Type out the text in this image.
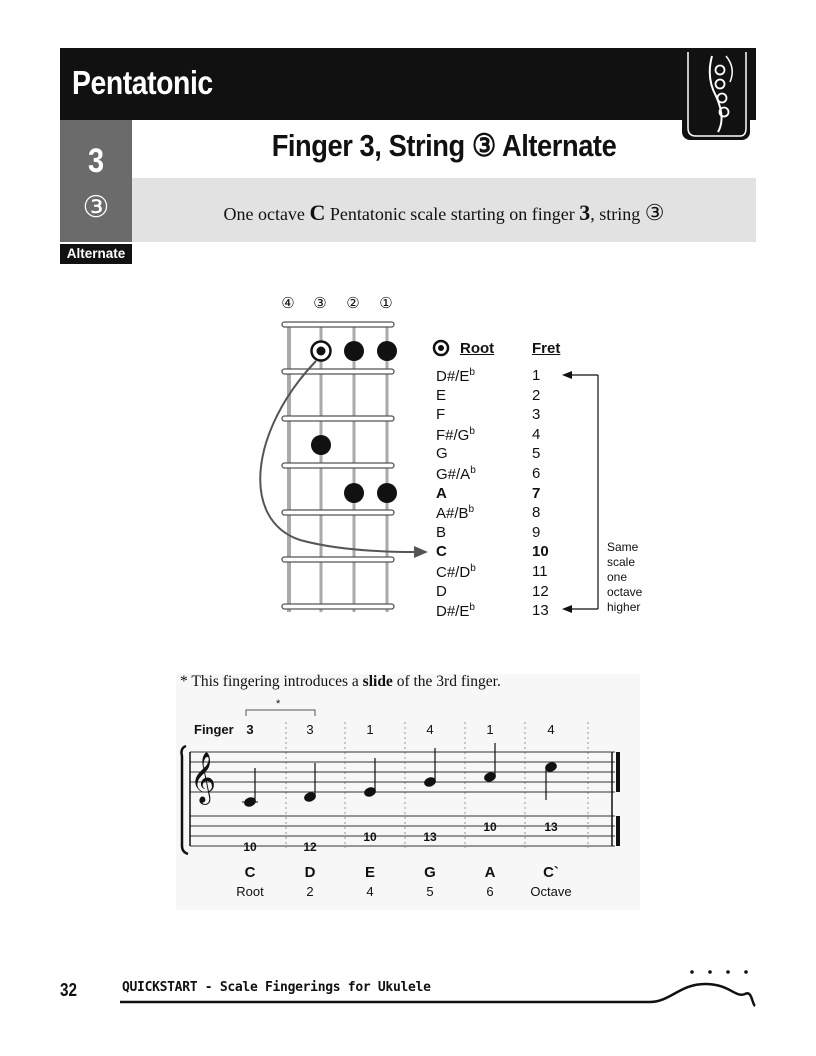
Pentatonic
3
③
Alternate
Finger 3, String ③ Alternate
One octave C Pentatonic scale starting on finger 3, string ③
④ ③ ② ①
Root	Fret
$D\#/E^b$	1
E	2
F	3
$F\#/G^b$	4
G	5
$G\#/A^b$	6
A	7
$A\#/B^b$	8
B	9
C	10
$C\#/D^b$	11
D	12
$D\#/E^b$	13
Same
scale
one
octave
higher
* This fingering introduces a slide of the 3rd finger.
𝄞
Finger
*
3	3	1	4	1	4
10	12
10	13
10	13
C	D	E	G	A	C`
Root	2	4	5	6	Octave
32	QUICKSTART - Scale Fingerings for Ukulele
